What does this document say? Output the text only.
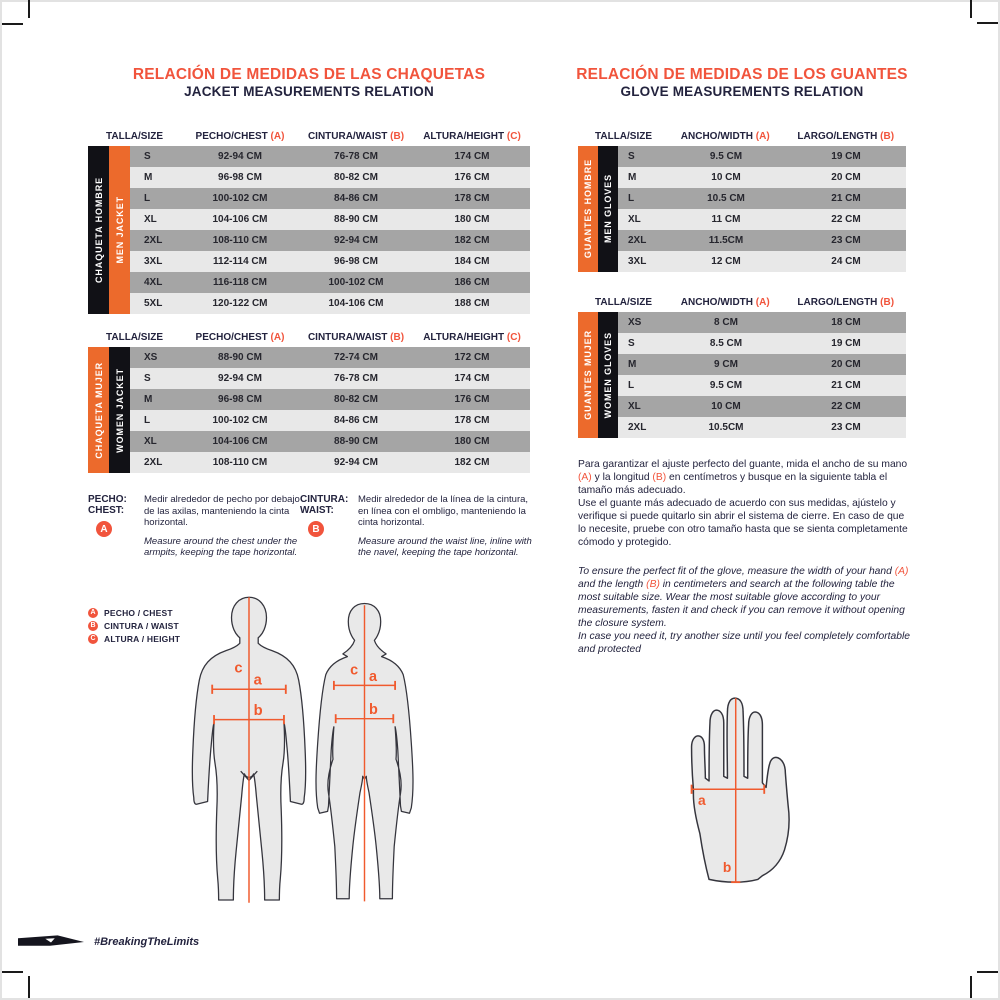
RELACIÓN DE MEDIDAS DE LAS CHAQUETAS
JACKET MEASUREMENTS RELATION
TALLA/SIZE	PECHO/CHEST (A)	CINTURA/WAIST (B)	ALTURA/HEIGHT (C)
CHAQUETA HOMBRE MEN JACKET
S	92-94 CM	76-78 CM	174 CM
M	96-98 CM	80-82 CM	176 CM
L	100-102 CM	84-86 CM	178 CM
XL	104-106 CM	88-90 CM	180 CM
2XL	108-110 CM	92-94 CM	182 CM
3XL	112-114 CM	96-98 CM	184 CM
4XL	116-118 CM	100-102 CM	186 CM
5XL	120-122 CM	104-106 CM	188 CM
TALLA/SIZE	PECHO/CHEST (A)	CINTURA/WAIST (B)	ALTURA/HEIGHT (C)
CHAQUETA MUJER WOMEN JACKET
XS	88-90 CM	72-74 CM	172 CM
S	92-94 CM	76-78 CM	174 CM
M	96-98 CM	80-82 CM	176 CM
L	100-102 CM	84-86 CM	178 CM
XL	104-106 CM	88-90 CM	180 CM
2XL	108-110 CM	92-94 CM	182 CM
PECHO:
CHEST:
A

Medir alrededor de pecho por debajo de las axilas, manteniendo la cinta horizontal.

Measure around the chest under the armpits, keeping the tape horizontal.

CINTURA:
WAIST:
B

Medir alrededor de la línea de la cintura, en línea con el ombligo, manteniendo la cinta horizontal.

Measure around the waist line, inline with the navel, keeping the tape horizontal.

A PECHO / CHEST
B CINTURA / WAIST
C ALTURA / HEIGHT
c
a
b
c a
b
RELACIÓN DE MEDIDAS DE LOS GUANTES
GLOVE MEASUREMENTS RELATION
TALLA/SIZE	ANCHO/WIDTH (A)	LARGO/LENGTH (B)
GUANTES HOMBRE MEN GLOVES
S	9.5 CM	19 CM
M	10 CM	20 CM
L	10.5 CM	21 CM
XL	11 CM	22 CM
2XL	11.5CM	23 CM
3XL	12 CM	24 CM
TALLA/SIZE	ANCHO/WIDTH (A)	LARGO/LENGTH (B)
GUANTES MUJER WOMEN GLOVES
XS	8 CM	18 CM
S	8.5 CM	19 CM
M	9 CM	20 CM
L	9.5 CM	21 CM
XL	10 CM	22 CM
2XL	10.5CM	23 CM

Para garantizar el ajuste perfecto del guante, mida el ancho de su mano (A) y la longitud (B) en centímetros y busque en la siguiente tabla el tamaño más adecuado.

Use el guante más adecuado de acuerdo con sus medidas, ajústelo y verifique si puede quitarlo sin abrir el sistema de cierre. En caso de que lo necesite, pruebe con otro tamaño hasta que se sienta completamente cómodo y protegido.

To ensure the perfect fit of the glove, measure the width of your hand (A) and the length (B) in centimeters and search at the following table the most suitable size. Wear the most suitable glove according to your measurements, fasten it and check if you can remove it without opening the closure system.

In case you need it, try another size until you feel completely comfortable and protected

a
b
#BreakingTheLimits
